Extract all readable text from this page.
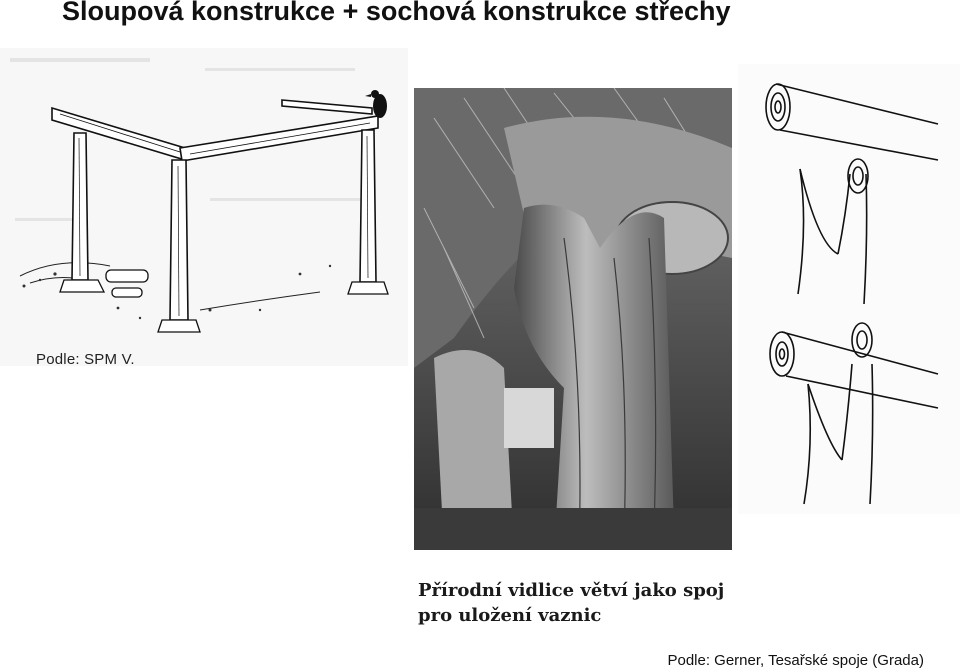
Sloupová konstrukce + sochová konstrukce střechy
Podle: SPM V.
Přírodní vidlice větví jako spoj
pro uložení vaznic
Podle: Gerner, Tesařské spoje (Grada)
